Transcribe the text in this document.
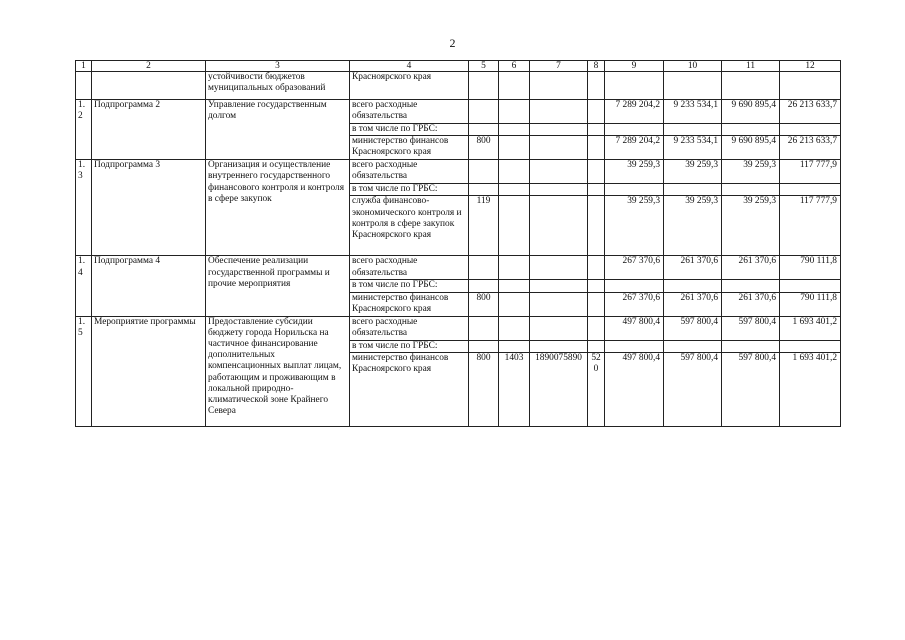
2
1	2	3	4	5	6	7	8	9	10	11	12
		устойчивости бюджетов муниципальных образований	Красноярского края								
1.2	Подпрограмма 2	Управление государственным долгом	всего расходные обязательства					7 289 204,2	9 233 534,1	9 690 895,4	26 213 633,7
			в том числе по ГРБС:								
			министерство финансов Красноярского края	800				7 289 204,2	9 233 534,1	9 690 895,4	26 213 633,7
1.3	Подпрограмма 3	Организация и осуществление внутреннего государственного финансового контроля и контроля в сфере закупок	всего расходные обязательства					39 259,3	39 259,3	39 259,3	117 777,9
			в том числе по ГРБС:								
			служба финансово-экономического контроля и контроля в сфере закупок Красноярского края	119				39 259,3	39 259,3	39 259,3	117 777,9
1.4	Подпрограмма 4	Обеспечение реализации государственной программы и прочие мероприятия	всего расходные обязательства					267 370,6	261 370,6	261 370,6	790 111,8
			в том числе по ГРБС:								
			министерство финансов Красноярского края	800				267 370,6	261 370,6	261 370,6	790 111,8
1.5	Мероприятие программы	Предоставление субсидии бюджету города Норильска на частичное финансирование дополнительных компенсационных выплат лицам, работающим и проживающим в локальной природно-климатической зоне Крайнего Севера	всего расходные обязательства					497 800,4	597 800,4	597 800,4	1 693 401,2
			в том числе по ГРБС:								
			министерство финансов Красноярского края	800	1403	1890075890	520	497 800,4	597 800,4	597 800,4	1 693 401,2
